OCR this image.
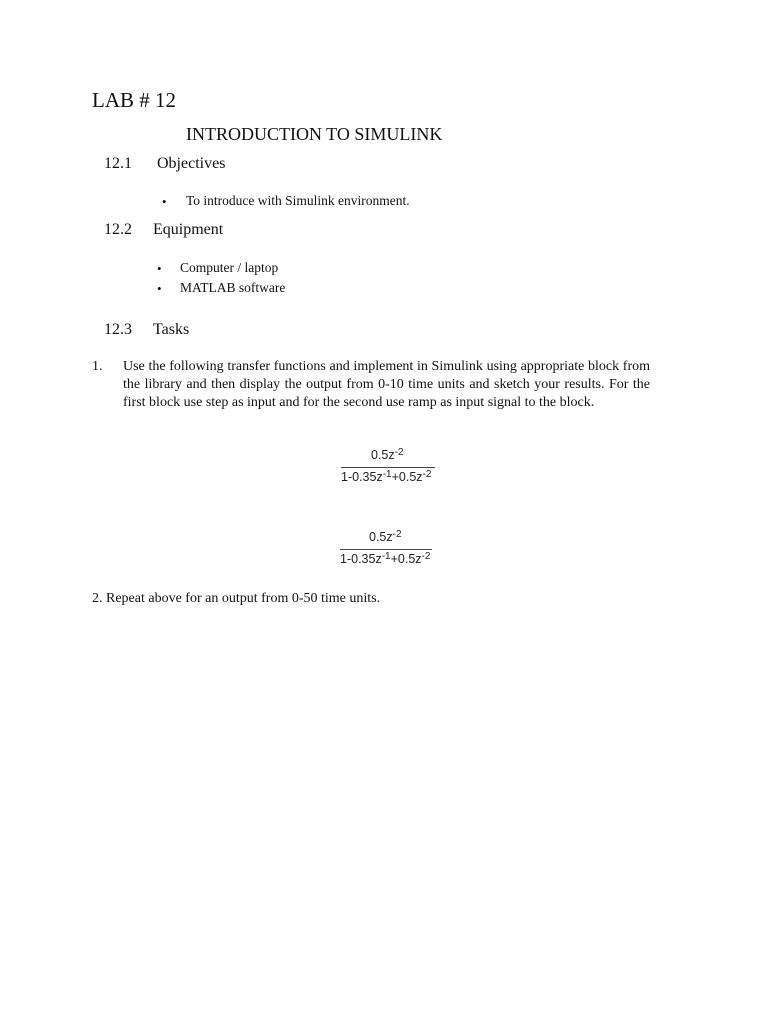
LAB # 12
INTRODUCTION TO SIMULINK
12.1 Objectives
• To introduce with Simulink environment.
12.2 Equipment
• Computer / laptop
• MATLAB software
12.3 Tasks
1. Use the following transfer functions and implement in Simulink using appropriate block from the library and then display the output from 0-10 time units and sketch your results. For the first block use step as input and for the second use ramp as input signal to the block.
$0.5z^{-2}$
$1-0.35z^{-1}+0.5z^{-2}$
$0.5z^{-2}$
$1-0.35z^{-1}+0.5z^{-2}$
2. Repeat above for an output from 0-50 time units.
